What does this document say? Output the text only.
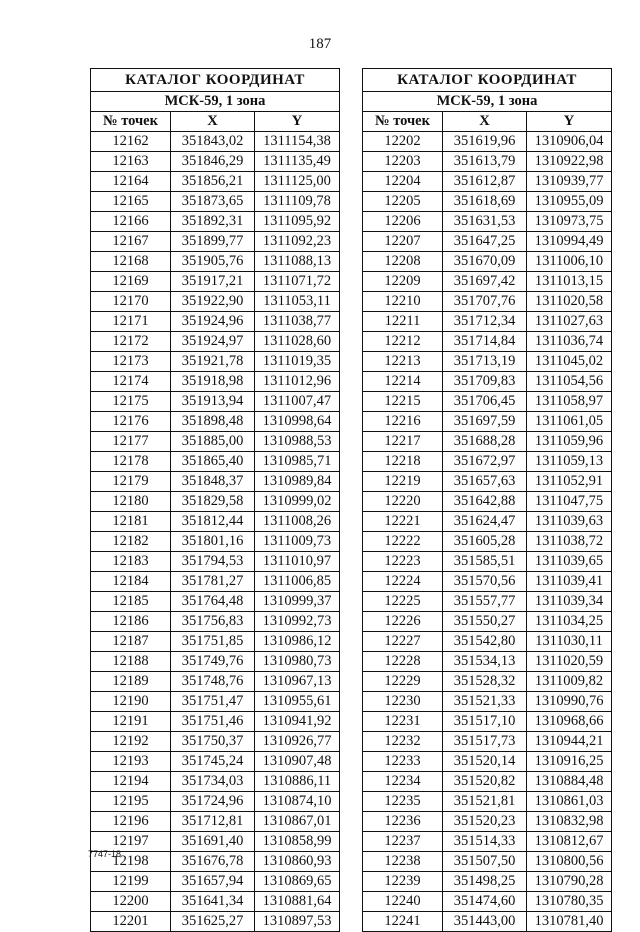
187
КАТАЛОГ КООРДИНАТ		
МСК-59, 1 зона		
№ точек	X	Y
12162	351843,02	1311154,38
12163	351846,29	1311135,49
12164	351856,21	1311125,00
12165	351873,65	1311109,78
12166	351892,31	1311095,92
12167	351899,77	1311092,23
12168	351905,76	1311088,13
12169	351917,21	1311071,72
12170	351922,90	1311053,11
12171	351924,96	1311038,77
12172	351924,97	1311028,60
12173	351921,78	1311019,35
12174	351918,98	1311012,96
12175	351913,94	1311007,47
12176	351898,48	1310998,64
12177	351885,00	1310988,53
12178	351865,40	1310985,71
12179	351848,37	1310989,84
12180	351829,58	1310999,02
12181	351812,44	1311008,26
12182	351801,16	1311009,73
12183	351794,53	1311010,97
12184	351781,27	1311006,85
12185	351764,48	1310999,37
12186	351756,83	1310992,73
12187	351751,85	1310986,12
12188	351749,76	1310980,73
12189	351748,76	1310967,13
12190	351751,47	1310955,61
12191	351751,46	1310941,92
12192	351750,37	1310926,77
12193	351745,24	1310907,48
12194	351734,03	1310886,11
12195	351724,96	1310874,10
12196	351712,81	1310867,01
12197	351691,40	1310858,99
12198	351676,78	1310860,93
12199	351657,94	1310869,65
12200	351641,34	1310881,64
12201	351625,27	1310897,53
КАТАЛОГ КООРДИНАТ		
МСК-59, 1 зона		
№ точек	X	Y
12202	351619,96	1310906,04
12203	351613,79	1310922,98
12204	351612,87	1310939,77
12205	351618,69	1310955,09
12206	351631,53	1310973,75
12207	351647,25	1310994,49
12208	351670,09	1311006,10
12209	351697,42	1311013,15
12210	351707,76	1311020,58
12211	351712,34	1311027,63
12212	351714,84	1311036,74
12213	351713,19	1311045,02
12214	351709,83	1311054,56
12215	351706,45	1311058,97
12216	351697,59	1311061,05
12217	351688,28	1311059,96
12218	351672,97	1311059,13
12219	351657,63	1311052,91
12220	351642,88	1311047,75
12221	351624,47	1311039,63
12222	351605,28	1311038,72
12223	351585,51	1311039,65
12224	351570,56	1311039,41
12225	351557,77	1311039,34
12226	351550,27	1311034,25
12227	351542,80	1311030,11
12228	351534,13	1311020,59
12229	351528,32	1311009,82
12230	351521,33	1310990,76
12231	351517,10	1310968,66
12232	351517,73	1310944,21
12233	351520,14	1310916,25
12234	351520,82	1310884,48
12235	351521,81	1310861,03
12236	351520,23	1310832,98
12237	351514,33	1310812,67
12238	351507,50	1310800,56
12239	351498,25	1310790,28
12240	351474,60	1310780,35
12241	351443,00	1310781,40
7747-18
